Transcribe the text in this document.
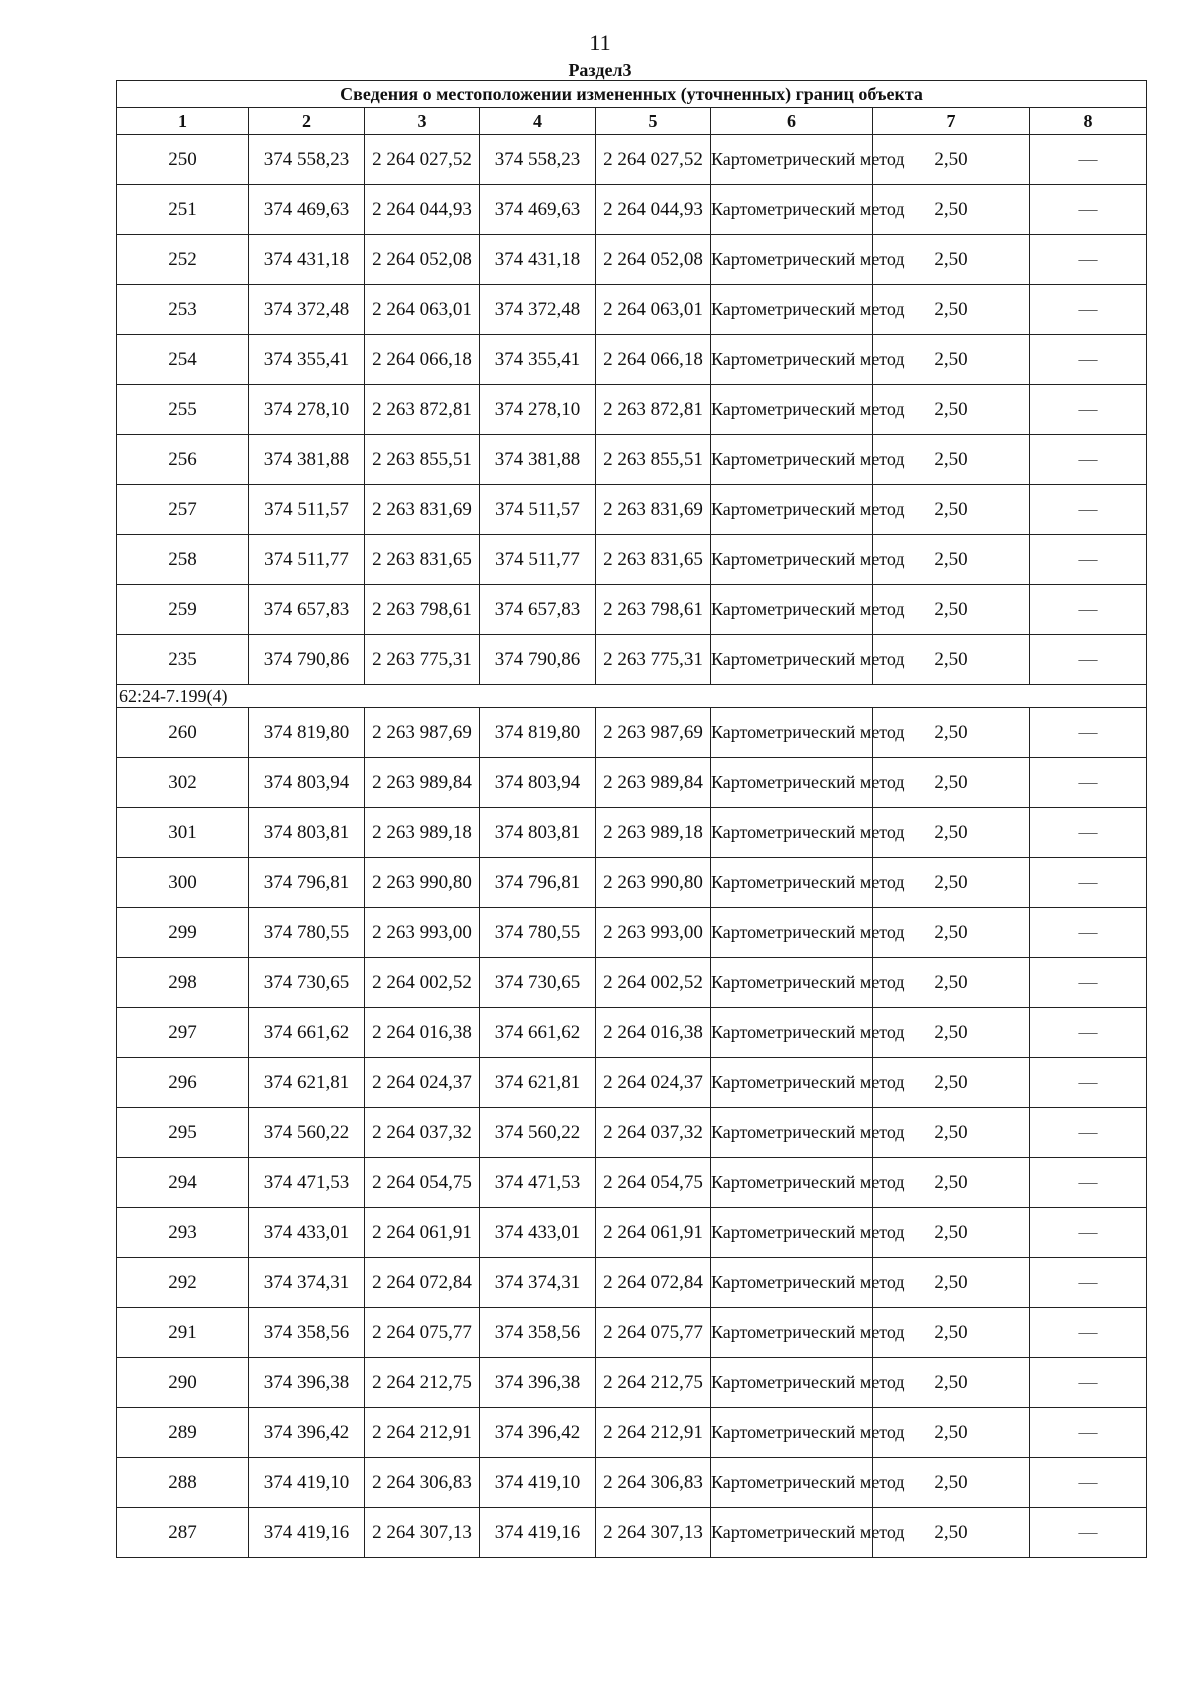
11
Раздел3
Сведения о местоположении измененных (уточненных) границ объекта							
1	2	3	4	5	6	7	8
250	374 558,23	2 264 027,52	374 558,23	2 264 027,52	Картометрический метод	2,50	—
251	374 469,63	2 264 044,93	374 469,63	2 264 044,93	Картометрический метод	2,50	—
252	374 431,18	2 264 052,08	374 431,18	2 264 052,08	Картометрический метод	2,50	—
253	374 372,48	2 264 063,01	374 372,48	2 264 063,01	Картометрический метод	2,50	—
254	374 355,41	2 264 066,18	374 355,41	2 264 066,18	Картометрический метод	2,50	—
255	374 278,10	2 263 872,81	374 278,10	2 263 872,81	Картометрический метод	2,50	—
256	374 381,88	2 263 855,51	374 381,88	2 263 855,51	Картометрический метод	2,50	—
257	374 511,57	2 263 831,69	374 511,57	2 263 831,69	Картометрический метод	2,50	—
258	374 511,77	2 263 831,65	374 511,77	2 263 831,65	Картометрический метод	2,50	—
259	374 657,83	2 263 798,61	374 657,83	2 263 798,61	Картометрический метод	2,50	—
235	374 790,86	2 263 775,31	374 790,86	2 263 775,31	Картометрический метод	2,50	—
62:24-7.199(4)							
260	374 819,80	2 263 987,69	374 819,80	2 263 987,69	Картометрический метод	2,50	—
302	374 803,94	2 263 989,84	374 803,94	2 263 989,84	Картометрический метод	2,50	—
301	374 803,81	2 263 989,18	374 803,81	2 263 989,18	Картометрический метод	2,50	—
300	374 796,81	2 263 990,80	374 796,81	2 263 990,80	Картометрический метод	2,50	—
299	374 780,55	2 263 993,00	374 780,55	2 263 993,00	Картометрический метод	2,50	—
298	374 730,65	2 264 002,52	374 730,65	2 264 002,52	Картометрический метод	2,50	—
297	374 661,62	2 264 016,38	374 661,62	2 264 016,38	Картометрический метод	2,50	—
296	374 621,81	2 264 024,37	374 621,81	2 264 024,37	Картометрический метод	2,50	—
295	374 560,22	2 264 037,32	374 560,22	2 264 037,32	Картометрический метод	2,50	—
294	374 471,53	2 264 054,75	374 471,53	2 264 054,75	Картометрический метод	2,50	—
293	374 433,01	2 264 061,91	374 433,01	2 264 061,91	Картометрический метод	2,50	—
292	374 374,31	2 264 072,84	374 374,31	2 264 072,84	Картометрический метод	2,50	—
291	374 358,56	2 264 075,77	374 358,56	2 264 075,77	Картометрический метод	2,50	—
290	374 396,38	2 264 212,75	374 396,38	2 264 212,75	Картометрический метод	2,50	—
289	374 396,42	2 264 212,91	374 396,42	2 264 212,91	Картометрический метод	2,50	—
288	374 419,10	2 264 306,83	374 419,10	2 264 306,83	Картометрический метод	2,50	—
287	374 419,16	2 264 307,13	374 419,16	2 264 307,13	Картометрический метод	2,50	—
